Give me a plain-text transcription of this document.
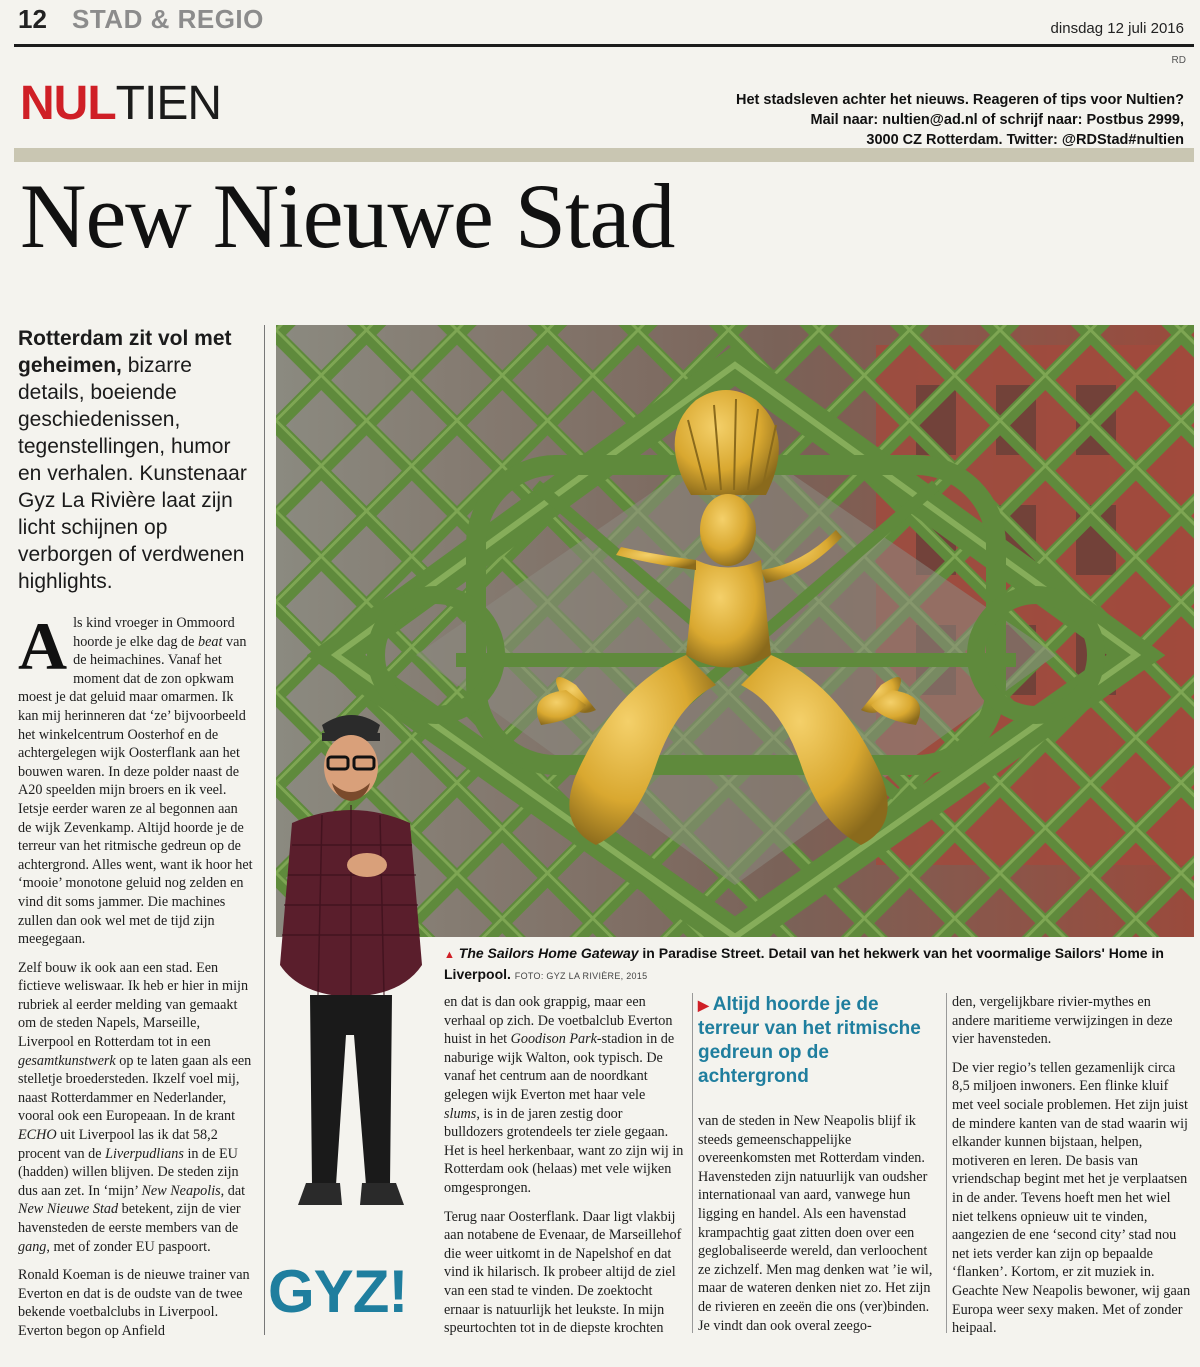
12 STAD & REGIO	dinsdag 12 juli 2016
RD
NULTIEN	Het stadsleven achter het nieuws. Reageren of tips voor Nultien?
Mail naar: nultien@ad.nl of schrijf naar: Postbus 2999,
3000 CZ Rotterdam. Twitter: @RDStad#nultien
New Nieuwe Stad
Rotterdam zit vol met geheimen, bizarre details, boeiende geschiedenissen, tegenstellingen, humor en verhalen. Kunstenaar Gyz La Rivière laat zijn licht schijnen op verborgen of verdwenen highlights.

Als kind vroeger in Ommoord hoorde je elke dag de beat van de heimachines. Vanaf het moment dat de zon opkwam moest je dat geluid maar omarmen. Ik kan mij herinneren dat ‘ze’ bijvoorbeeld het winkelcentrum Oosterhof en de achtergelegen wijk Oosterflank aan het bouwen waren. In deze polder naast de A20 speelden mijn broers en ik veel. Ietsje eerder waren ze al begonnen aan de wijk Zevenkamp. Altijd hoorde je de terreur van het ritmische gedreun op de achtergrond. Alles went, want ik hoor het ‘mooie’ monotone geluid nog zelden en vind dit soms jammer. Die machines zullen dan ook wel met de tijd zijn meegegaan.

Zelf bouw ik ook aan een stad. Een fictieve weliswaar. Ik heb er hier in mijn rubriek al eerder melding van gemaakt om de steden Napels, Marseille, Liverpool en Rotterdam tot in een gesamtkunstwerk op te laten gaan als een stelletje broedersteden. Ikzelf voel mij, naast Rotterdammer en Nederlander, vooral ook een Europeaan. In de krant ECHO uit Liverpool las ik dat 58,2 procent van de Liverpudlians in de EU (hadden) willen blijven. De steden zijn dus aan zet. In ‘mijn’ New Neapolis, dat New Nieuwe Stad betekent, zijn de vier havensteden de eerste members van de gang, met of zonder EU paspoort.

Ronald Koeman is de nieuwe trainer van Everton en dat is de oudste van de twee bekende voetbalclubs in Liverpool. Everton begon op Anfield

▲ The Sailors Home Gateway in Paradise Street. Detail van het hekwerk van het voormalige Sailors' Home in Liverpool. FOTO: GYZ LA RIVIÈRE, 2015

en dat is dan ook grappig, maar een verhaal op zich. De voetbalclub Everton huist in het Goodison Park-stadion in de naburige wijk Walton, ook typisch. De vanaf het centrum aan de noordkant gelegen wijk Everton met haar vele slums, is in de jaren zestig door bulldozers grotendeels ter ziele gegaan. Het is heel herkenbaar, want zo zijn wij in Rotterdam ook (helaas) met vele wijken omgesprongen.

Terug naar Oosterflank. Daar ligt vlakbij aan notabene de Evenaar, de Marseillehof die weer uitkomt in de Napelshof en dat vind ik hilarisch. Ik probeer altijd de ziel van een stad te vinden. De zoektocht ernaar is natuurlijk het leukste. In mijn speurtochten tot in de diepste krochten

▶ Altijd hoorde je de terreur van het ritmische gedreun op de achtergrond

van de steden in New Neapolis blijf ik steeds gemeenschappelijke overeenkomsten met Rotterdam vinden. Havensteden zijn natuurlijk van oudsher internationaal van aard, vanwege hun ligging en handel. Als een havenstad krampachtig gaat zitten doen over een geglobaliseerde wereld, dan verloochent ze zichzelf. Men mag denken wat ’ie wil, maar de wateren denken niet zo. Het zijn de rivieren en zeeën die ons (ver)binden. Je vindt dan ook overal zeego-

den, vergelijkbare rivier-mythes en andere maritieme verwijzingen in deze vier havensteden.

De vier regio’s tellen gezamenlijk circa 8,5 miljoen inwoners. Een flinke kluif met veel sociale problemen. Het zijn juist de mindere kanten van de stad waarin wij elkander kunnen bijstaan, helpen, motiveren en leren. De basis van vriendschap begint met het je verplaatsen in de ander. Tevens hoeft men het wiel niet telkens opnieuw uit te vinden, aangezien de ene ‘second city’ stad nou net iets verder kan zijn op bepaalde ‘flanken’. Kortom, er zit muziek in. Geachte New Neapolis bewoner, wij gaan Europa weer sexy maken. Met of zonder heipaal.

GYZ!
